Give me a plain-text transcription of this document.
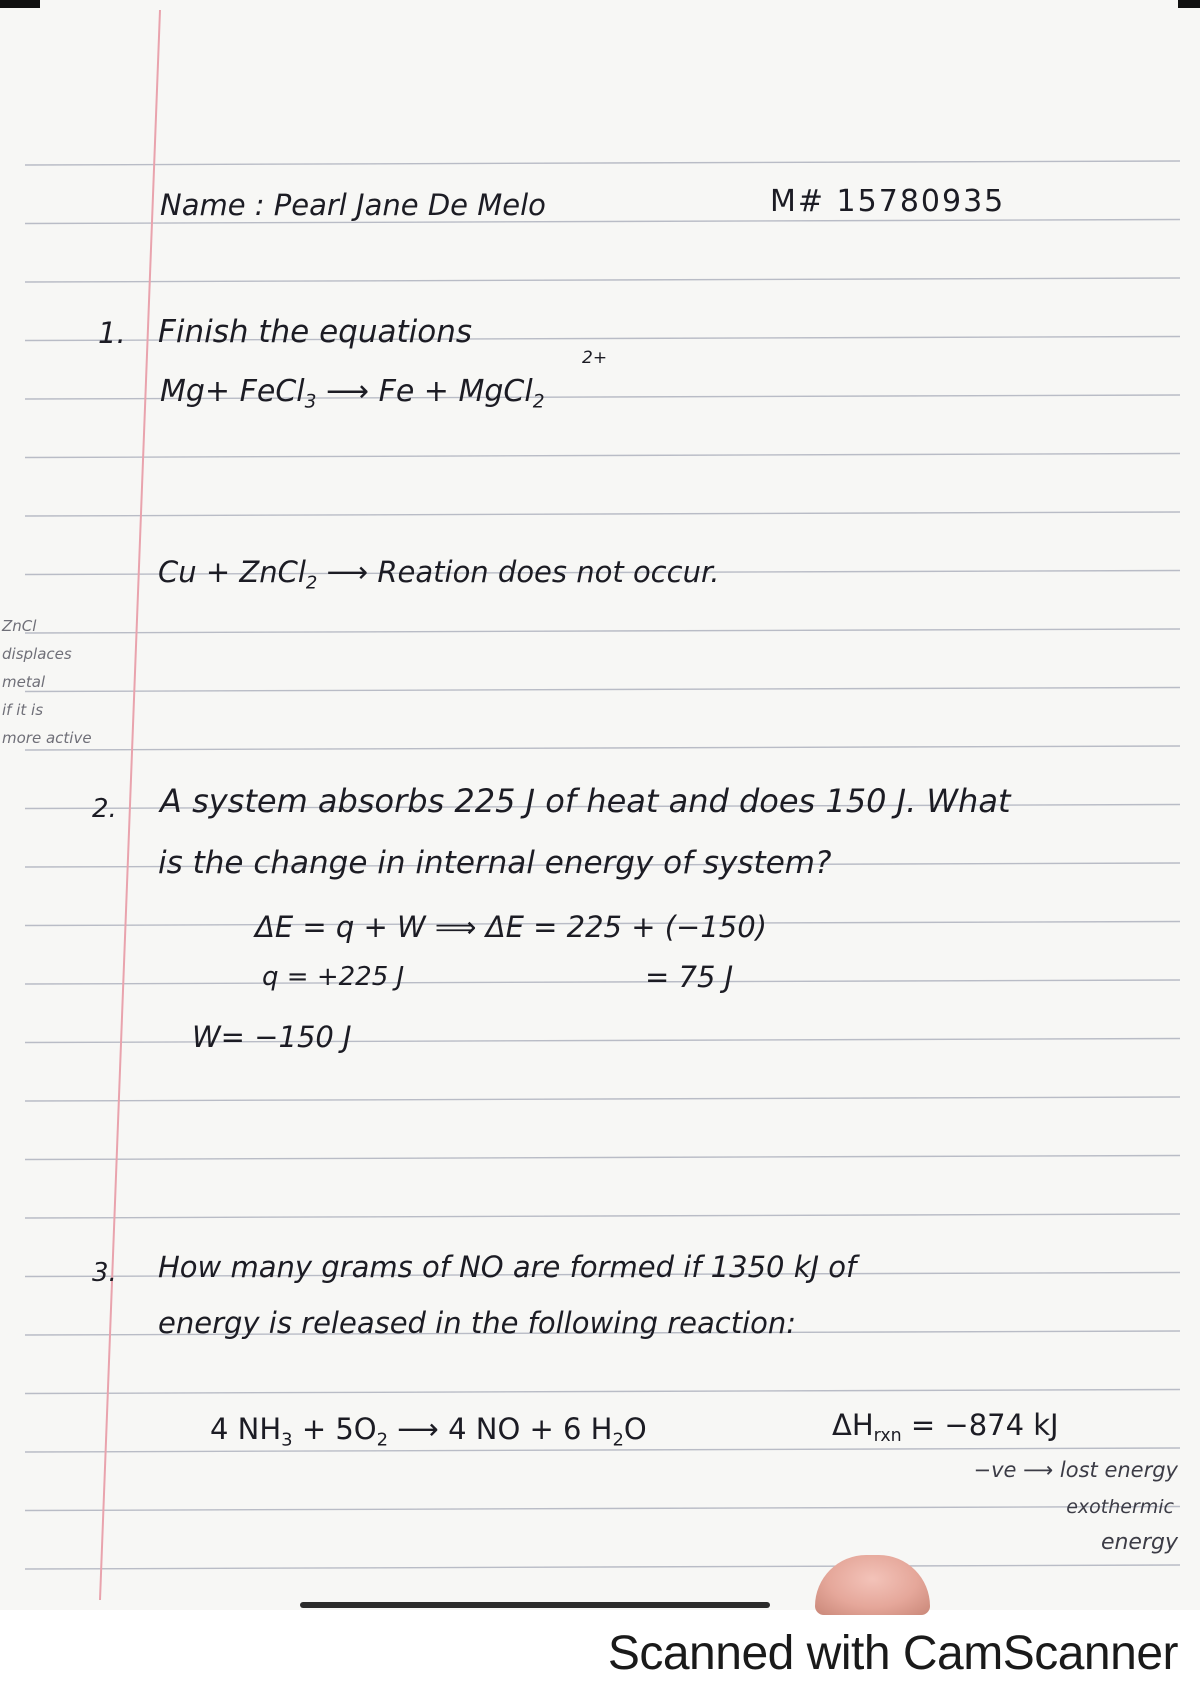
Name : Pearl Jane De Melo	M# 15780935
1. Finish the equations
Mg+ FeCl$_3$ ⟶ Fe + MgCl$_2$
2+
Cu + ZnCl$_2$ ⟶ Reation does not occur.
ZnCl
displaces
metal
if it is
more active
2. A system absorbs 225 J of heat and does 150 J. What
is the change in internal energy of system?
ΔE = q + W ⟹ ΔE = 225 + (−150)
q = +225 J	= 75 J
W= −150 J
3. How many grams of NO are formed if 1350 kJ of
energy is released in the following reaction:
4 $NH_3 + 5O_2$ ⟶ 4 NO + 6 $H_2O$	$\Delta H_{rxn} = -874$ kJ
−ve ⟶ lost energy
exothermic
energy
Scanned with CamScanner
